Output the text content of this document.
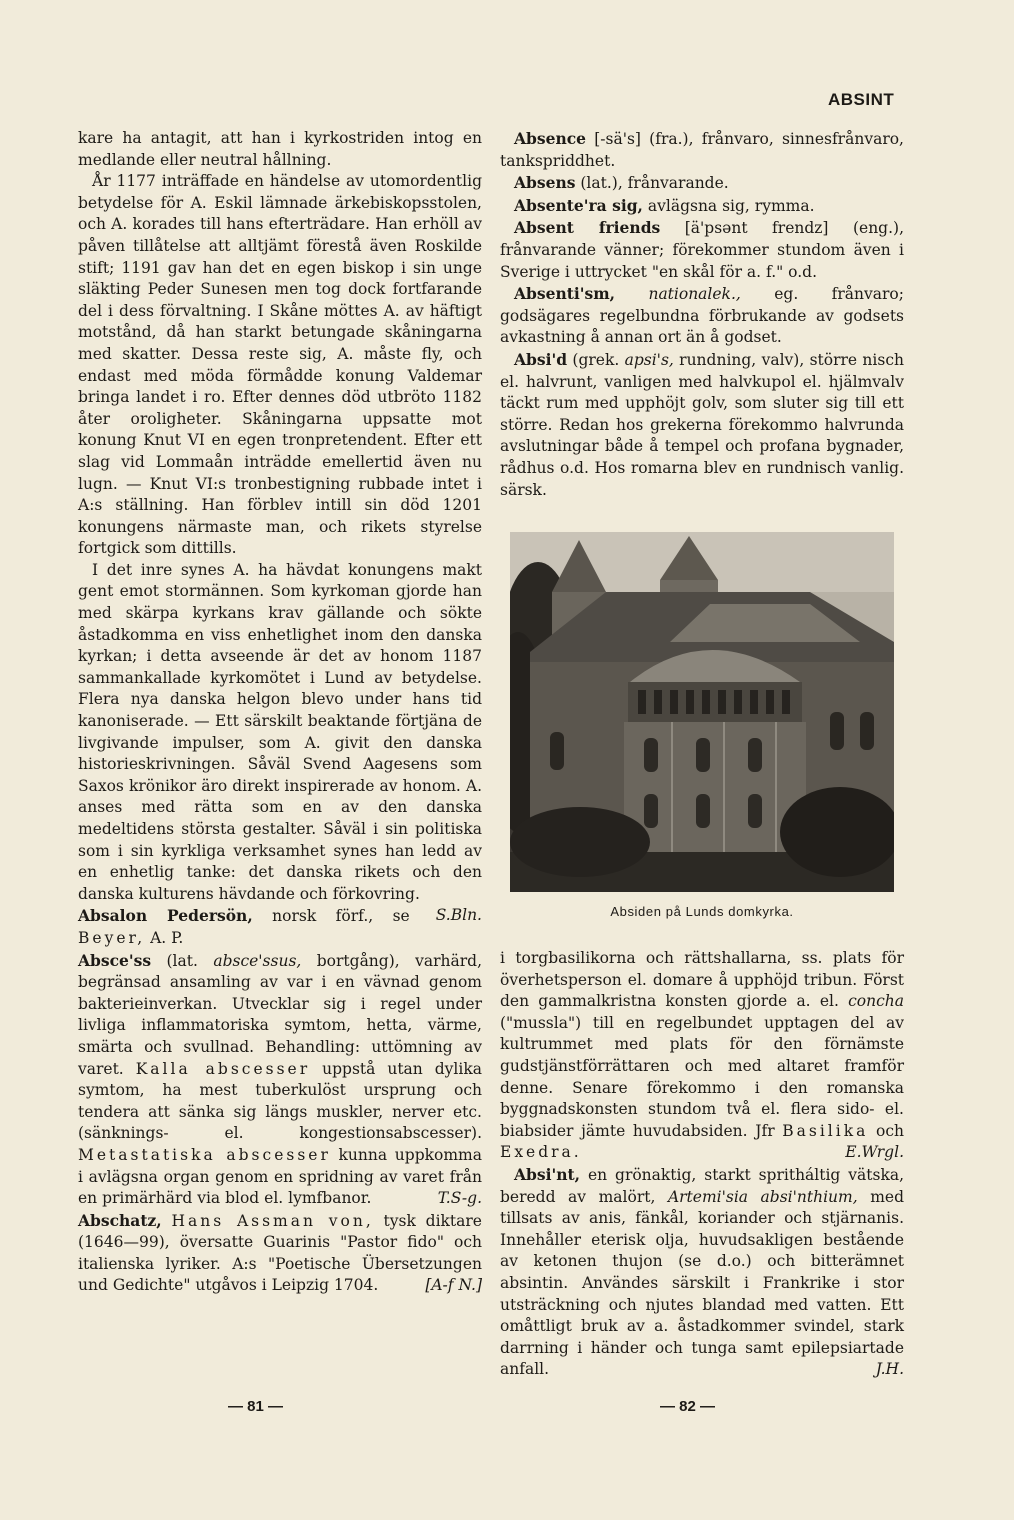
ABSINT

kare ha antagit, att han i kyrkostriden intog en medlande eller neutral hållning.

År 1177 inträffade en händelse av utomordentlig betydelse för A. Eskil lämnade ärkebiskopsstolen, och A. korades till hans efterträdare. Han erhöll av påven tillåtelse att alltjämt förestå även Roskilde stift; 1191 gav han det en egen biskop i sin unge släkting Peder Sunesen men tog dock fortfarande del i dess förvaltning. I Skåne möttes A. av häftigt motstånd, då han starkt betungade skåningarna med skatter. Dessa reste sig, A. måste fly, och endast med möda förmådde konung Valdemar bringa landet i ro. Efter dennes död utbröto 1182 åter oroligheter. Skåningarna uppsatte mot konung Knut VI en egen tronpretendent. Efter ett slag vid Lommaån inträdde emellertid även nu lugn. — Knut VI:s tronbestigning rubbade intet i A:s ställning. Han förblev intill sin död 1201 konungens närmaste man, och rikets styrelse fortgick som dittills.

I det inre synes A. ha hävdat konungens makt gent emot stormännen. Som kyrkoman gjorde han med skärpa kyrkans krav gällande och sökte åstadkomma en viss enhetlighet inom den danska kyrkan; i detta avseende är det av honom 1187 sammankallade kyrkomötet i Lund av betydelse. Flera nya danska helgon blevo under hans tid kanoniserade. — Ett särskilt beaktande förtjäna de livgivande impulser, som A. givit den danska historieskrivningen. Såväl Svend Aagesens som Saxos krönikor äro direkt inspirerade av honom. A. anses med rätta som en av den danska medeltidens största gestalter. Såväl i sin politiska som i sin kyrkliga verksamhet synes han ledd av en enhetlig tanke: det danska rikets och den danska kulturens hävdande och förkovring.
S.Bln.

Absalon Pedersön, norsk förf., se Beyer, A. P.

Absce'ss (lat. absce'ssus, bortgång), varhärd, begränsad ansamling av var i en vävnad genom bakterieinverkan. Utvecklar sig i regel under livliga inflammatoriska symtom, hetta, värme, smärta och svullnad. Behandling: uttömning av varet. Kalla abscesser uppstå utan dylika symtom, ha mest tuberkulöst ursprung och tendera att sänka sig längs muskler, nerver etc. (sänknings- el. kongestionsabscesser). Metastatiska abscesser kunna uppkomma i avlägsna organ genom en spridning av varet från en primärhärd via blod el. lymfbanor.	T.S-g.

Abschatz, Hans Assman von, tysk diktare (1646—99), översatte Guarinis "Pastor fido" och italienska lyriker. A:s "Poetische Übersetzungen und Gedichte" utgåvos i Leipzig 1704.	[A-f N.]

Absence [-sä's] (fra.), frånvaro, sinnesfrånvaro, tankspriddhet.

Absens (lat.), frånvarande.

Absente'ra sig, avlägsna sig, rymma.

Absent friends [ä'psənt frendz] (eng.), frånvarande vänner; förekommer stundom även i Sverige i uttrycket "en skål för a. f." o.d.

Absenti'sm, nationalek., eg. frånvaro; godsägares regelbundna förbrukande av godsets avkastning å annan ort än å godset.

Absi'd (grek. apsi's, rundning, valv), större nisch el. halvrunt, vanligen med halvkupol el. hjälmvalv täckt rum med upphöjt golv, som sluter sig till ett större. Redan hos grekerna förekommo halvrunda avslutningar både å tempel och profana bygnader, rådhus o.d. Hos romarna blev en rundnisch vanlig. särsk.

Absiden på Lunds domkyrka.

i torgbasilikorna och rättshallarna, ss. plats för överhetsperson el. domare å upphöjd tribun. Först den gammalkristna konsten gjorde a. el. concha ("mussla") till en regelbundet upptagen del av kultrummet med plats för den förnämste gudstjänstförrättaren och med altaret framför denne. Senare förekommo i den romanska byggnadskonsten stundom två el. flera sido- el. biabsider jämte huvudabsiden. Jfr Basilika och Exedra.	E.Wrgl.

Absi'nt, en grönaktig, starkt spritháltig vätska, beredd av malört, Artemi'sia absi'nthium, med tillsats av anis, fänkål, koriander och stjärnanis. Innehåller eterisk olja, huvudsakligen bestående av ketonen thujon (se d.o.) och bitterämnet absintin. Användes särskilt i Frankrike i stor utsträckning och njutes blandad med vatten. Ett omåttligt bruk av a. åstadkommer svindel, stark darrning i händer och tunga samt epilepsiartade anfall.	J.H.

— 81 —	— 82 —
